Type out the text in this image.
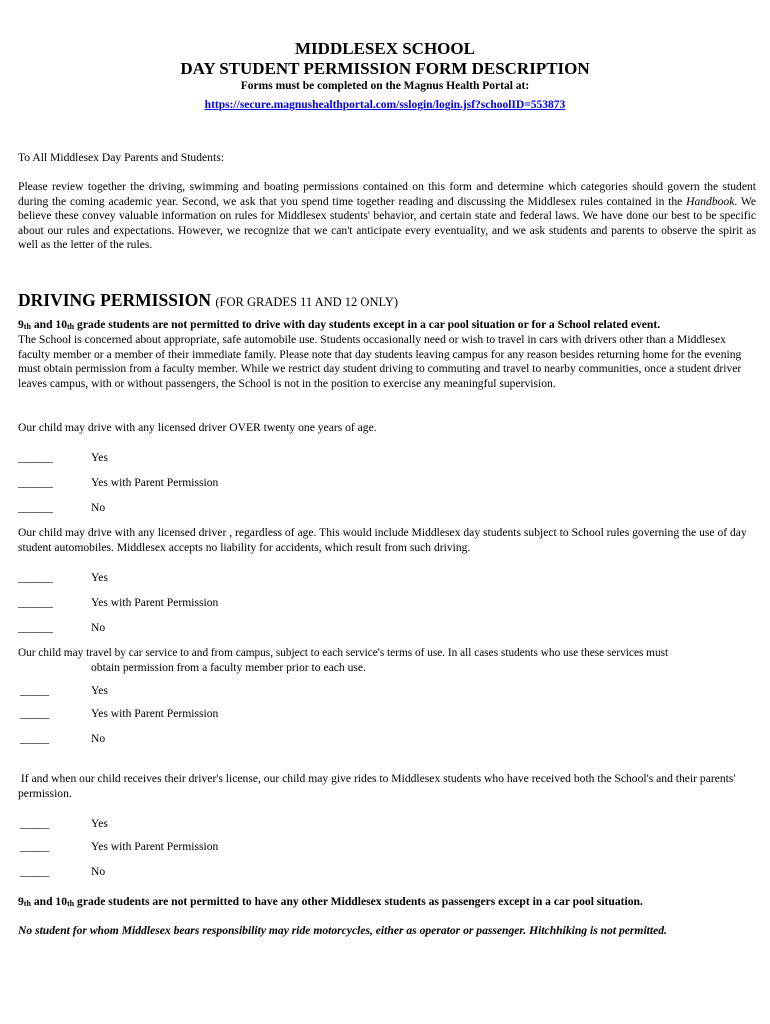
MIDDLESEX SCHOOL
DAY STUDENT PERMISSION FORM DESCRIPTION
Forms must be completed on the Magnus Health Portal at:
https://secure.magnushealthportal.com/sslogin/login.jsf?schoolID=553873
To All Middlesex Day Parents and Students:
Please review together the driving, swimming and boating permissions contained on this form and determine which categories should govern the student during the coming academic year. Second, we ask that you spend time together reading and discussing the Middlesex rules contained in the Handbook. We believe these convey valuable information on rules for Middlesex students' behavior, and certain state and federal laws. We have done our best to be specific about our rules and expectations. However, we recognize that we can't anticipate every eventuality, and we ask students and parents to observe the spirit as well as the letter of the rules.
DRIVING PERMISSION (FOR GRADES 11 AND 12 ONLY)
$9_{th}$ and $10_{th}$ grade students are not permitted to drive with day students except in a car pool situation or for a School related event.
The School is concerned about appropriate, safe automobile use. Students occasionally need or wish to travel in cars with drivers other than a Middlesex faculty member or a member of their immediate family. Please note that day students leaving campus for any reason besides returning home for the evening must obtain permission from a faculty member. While we restrict day student driving to commuting and travel to nearby communities, once a student driver leaves campus, with or without passengers, the School is not in the position to exercise any meaningful supervision.
Our child may drive with any licensed driver OVER twenty one years of age.
______	Yes
______	Yes with Parent Permission
______	No
Our child may drive with any licensed driver , regardless of age. This would include Middlesex day students subject to School rules governing the use of day student automobiles. Middlesex accepts no liability for accidents, which result from such driving.
______	Yes
______	Yes with Parent Permission
______	No
Our child may travel by car service to and from campus, subject to each service's terms of use. In all cases students who use these services must
obtain permission from a faculty member prior to each use.
_____	Yes
_____	Yes with Parent Permission
_____	No
If and when our child receives their driver's license, our child may give rides to Middlesex students who have received both the School's and their parents' permission.
_____	Yes
_____	Yes with Parent Permission
_____	No
$9_{th}$ and $10_{th}$ grade students are not permitted to have any other Middlesex students as passengers except in a car pool situation.
No student for whom Middlesex bears responsibility may ride motorcycles, either as operator or passenger. Hitchhiking is not permitted.
